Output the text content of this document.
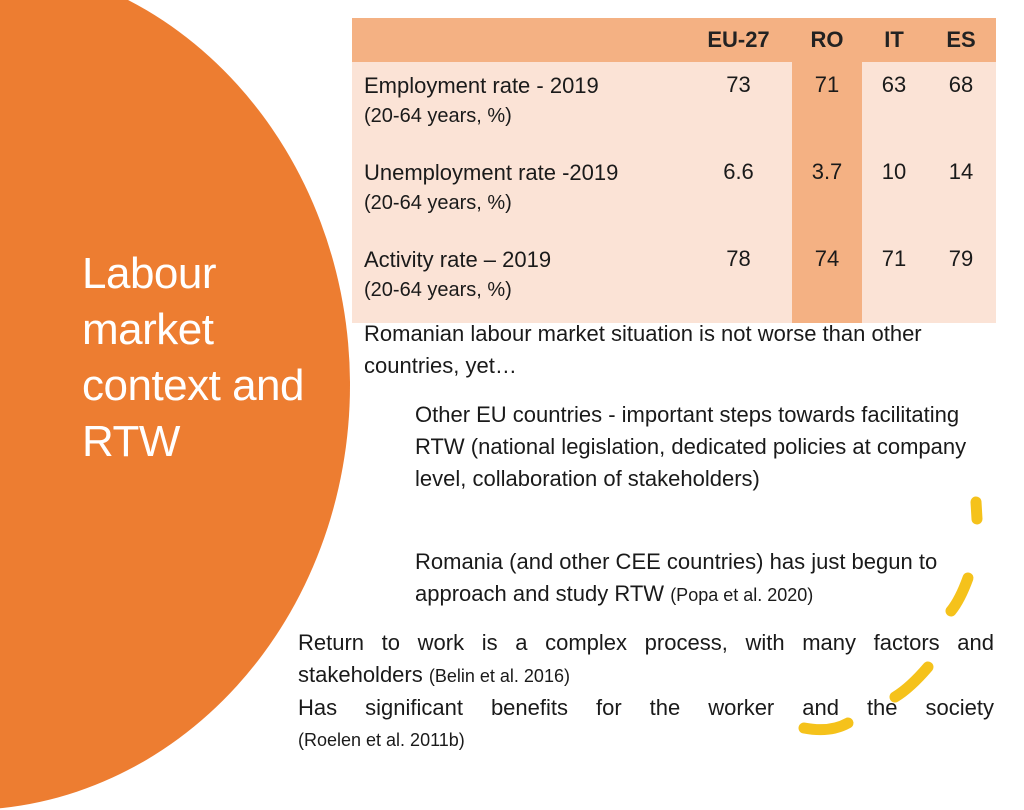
Labour market context and RTW
	EU-27	RO	IT	ES

Employment rate - 2019
(20-64 years, %)	73	71	63	68

Unemployment rate -2019
(20-64 years, %)	6.6	3.7	10	14

Activity rate – 2019
(20-64 years, %)	78	74	71	79
Romanian labour market situation is not worse than other countries, yet…
Other EU countries - important steps towards facilitating RTW (national legislation, dedicated policies at company level, collaboration of stakeholders)
Romania (and other CEE countries) has just begun to approach and study RTW (Popa et al. 2020)
Return to work is a complex process, with many factors and
stakeholders (Belin et al. 2016)
Has significant benefits for the worker and the society
(Roelen et al. 2011b)
